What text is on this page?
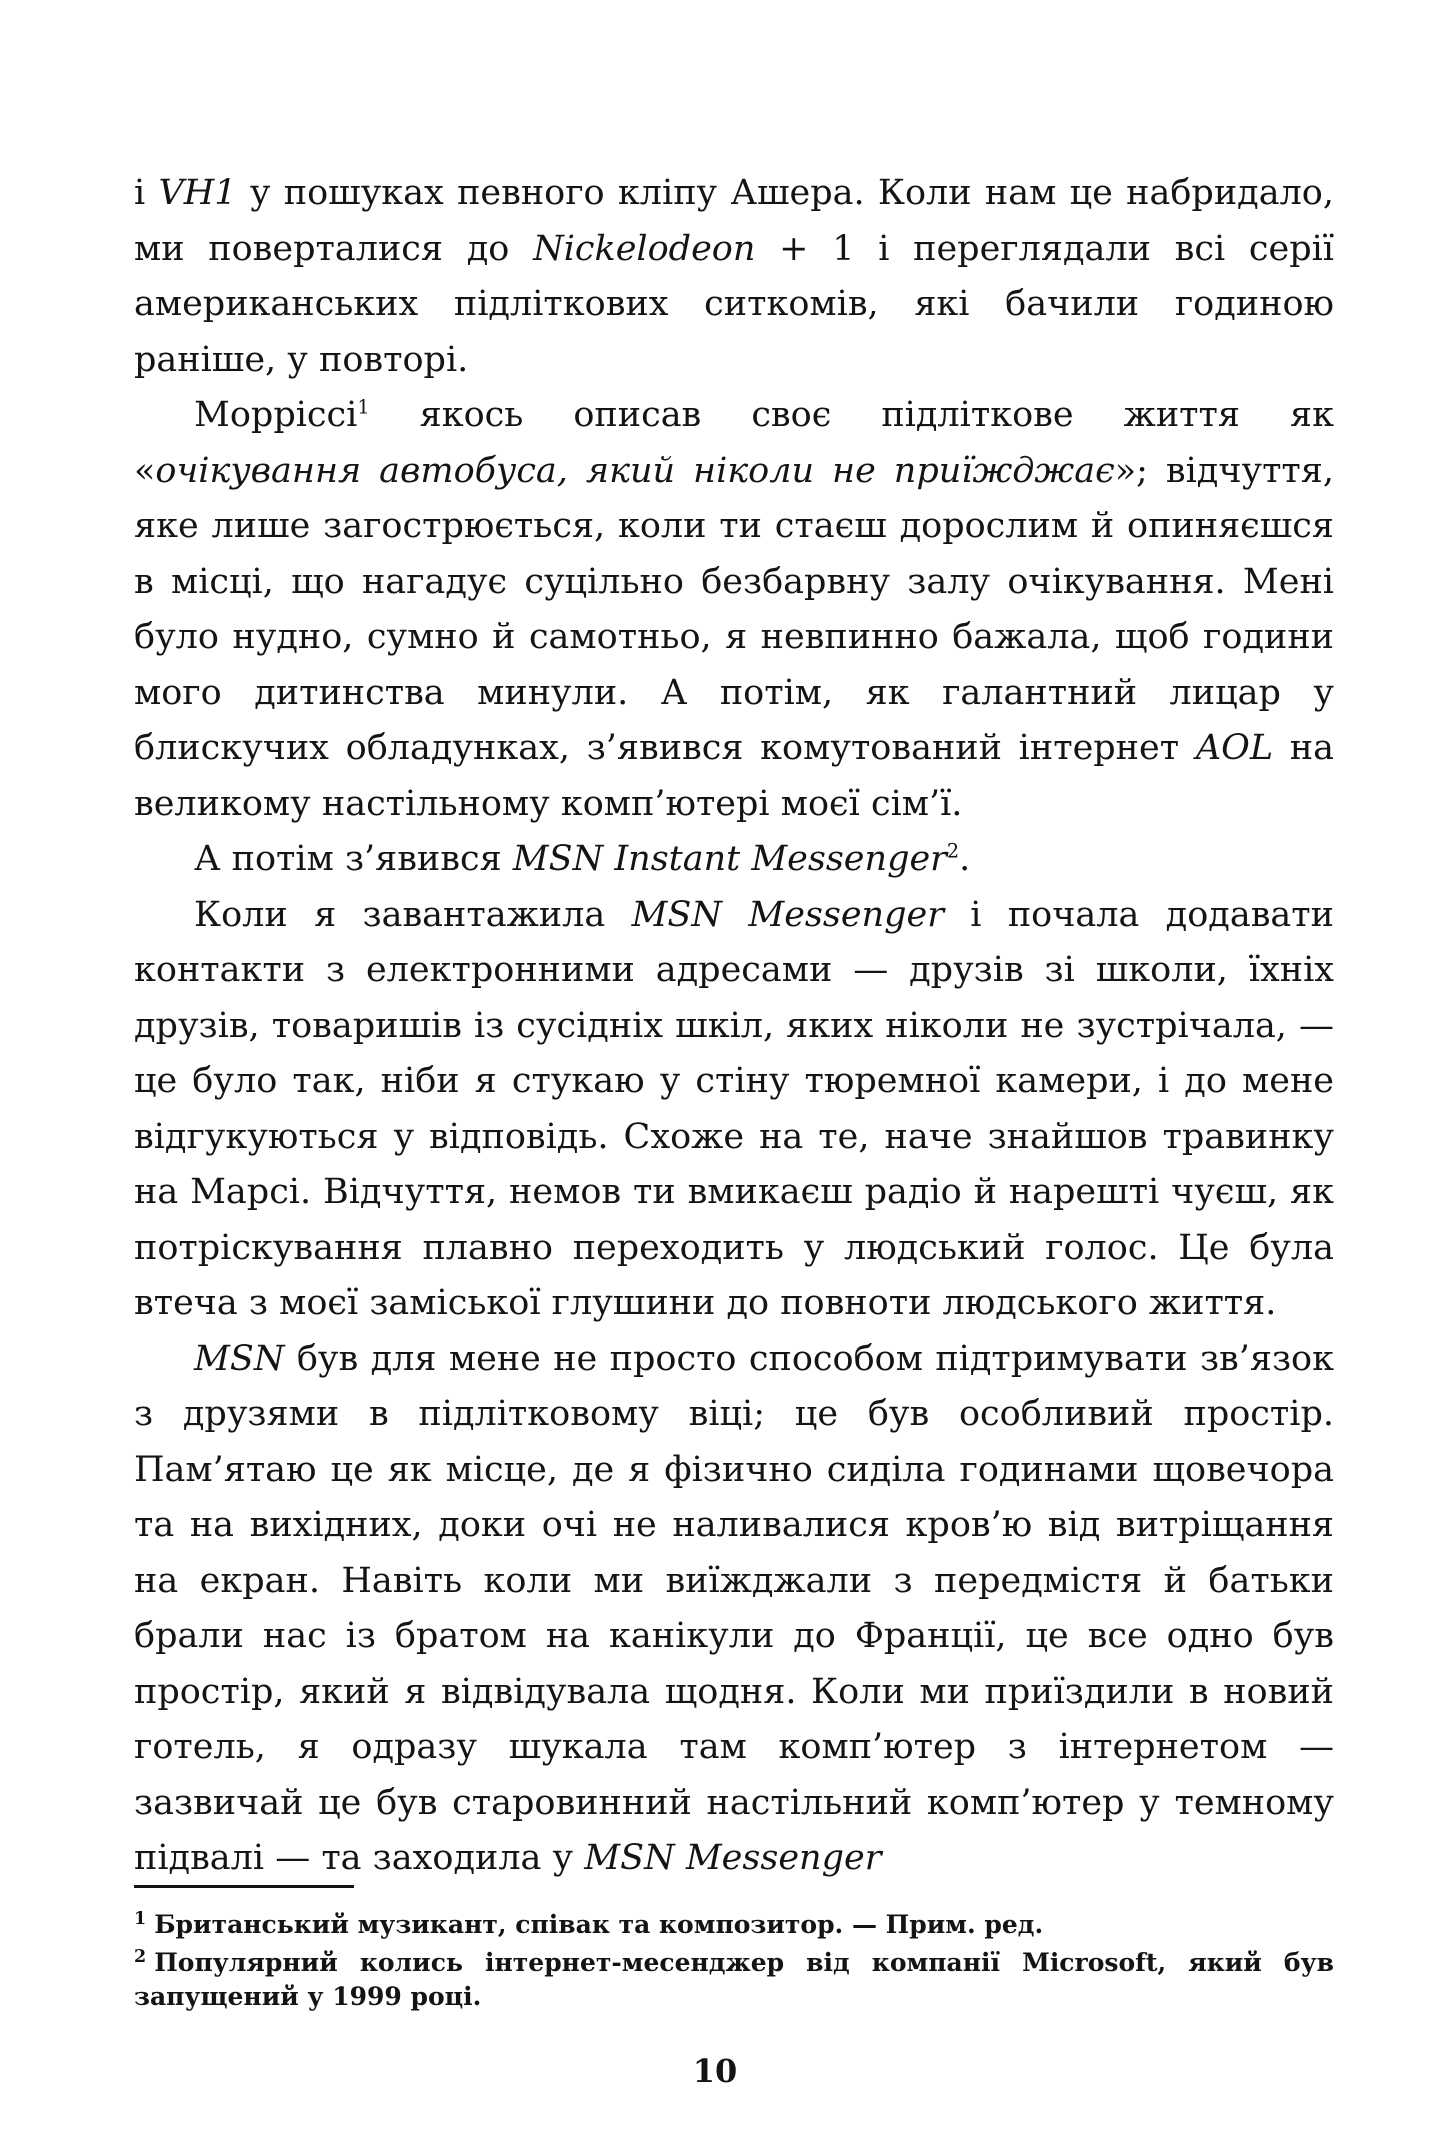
і VH1 у пошуках певного кліпу Ашера. Коли нам це набридало, ми поверталися до Nickelodeon + 1 і переглядали всі серії американських підліткових ситкомів, які бачили годиною раніше, у повторі.

Морріссі$^1$ якось описав своє підліткове життя як «очікування автобуса, який ніколи не приїжджає»; відчуття, яке лише загострюється, коли ти стаєш дорослим й опиняєшся в місці, що нагадує суцільно безбарвну залу очікування. Мені було нудно, сумно й самотньо, я невпинно бажала, щоб години мого дитинства минули. А потім, як галантний лицар у блискучих обладунках, з’явився комутований інтернет AOL на великому настільному комп’ютері моєї сім’ї.

А потім з’явився MSN Instant Messenger$^2$.

Коли я завантажила MSN Messenger і почала додавати контакти з електронними адресами — друзів зі школи, їхніх друзів, товаришів із сусідніх шкіл, яких ніколи не зустрічала, — це було так, ніби я стукаю у стіну тюремної камери, і до мене відгукуються у відповідь. Схоже на те, наче знайшов травинку на Марсі. Відчуття, немов ти вмикаєш радіо й нарешті чуєш, як потріскування плавно переходить у людський голос. Це була втеча з моєї заміської глушини до повноти людського життя.

MSN був для мене не просто способом підтримувати зв’язок з друзями в підлітковому віці; це був особливий простір. Пам’ятаю це як місце, де я фізично сиділа годинами щовечора та на вихідних, доки очі не наливалися кров’ю від витріщання на екран. Навіть коли ми виїжджали з передмістя й батьки брали нас із братом на канікули до Франції, це все одно був простір, який я відвідувала щодня. Коли ми приїздили в новий готель, я одразу шукала там комп’ютер з інтернетом — зазвичай це був старовинний настільний комп’ютер у темному підвалі — та заходила у MSN Messenger

$^1$ Британський музикант, співак та композитор. — Прим. ред.

$^2$ Популярний колись інтернет-месенджер від компанії Microsoft, який був запущений у 1999 році.

10
